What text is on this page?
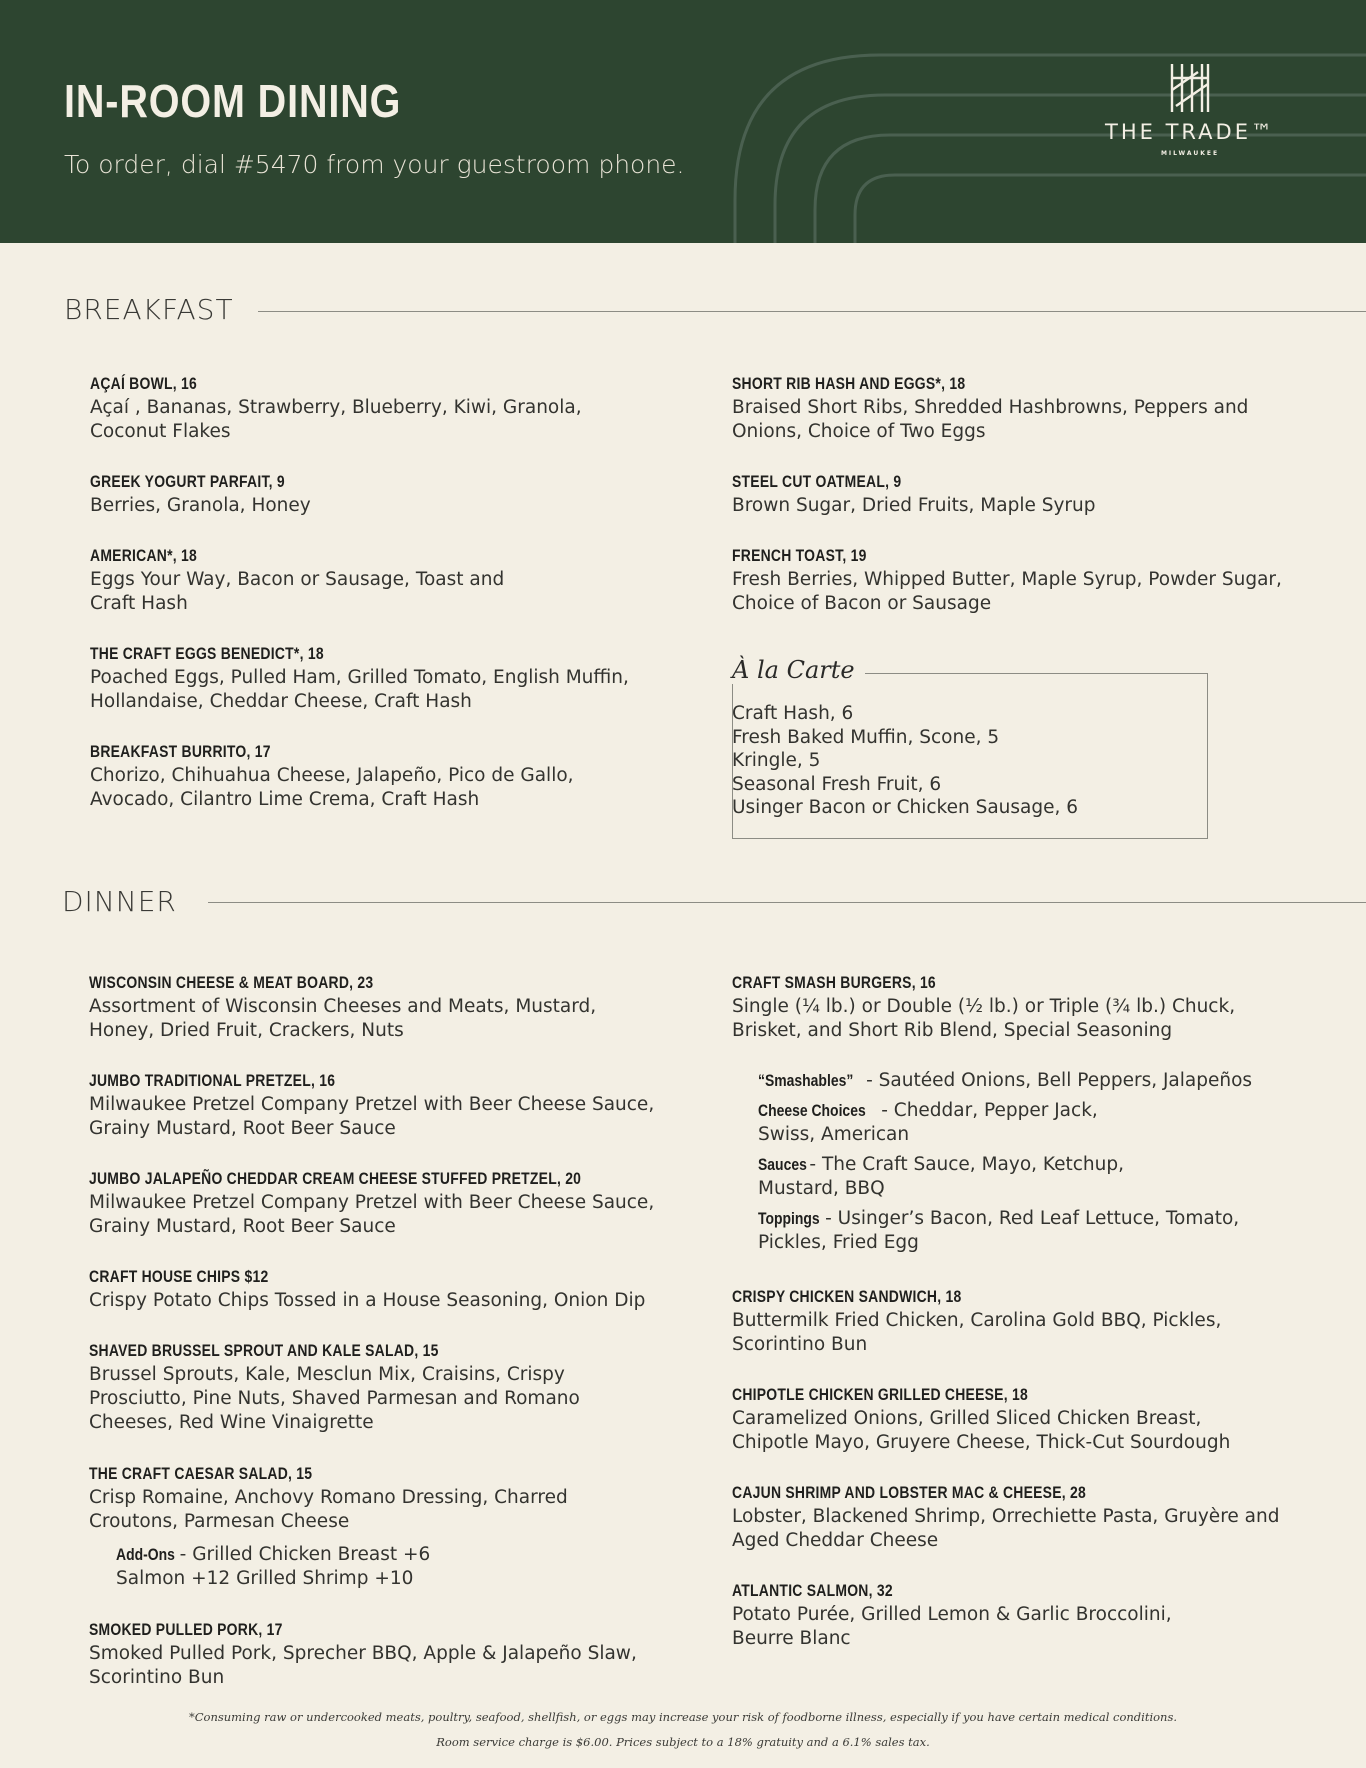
IN-ROOM DINING
To order, dial #5470 from your guestroom phone.
THE TRADE™
MILWAUKEE
BREAKFAST
AÇAÍ BOWL, 16
Açaí , Bananas, Strawberry, Blueberry, Kiwi, Granola, Coconut Flakes
GREEK YOGURT PARFAIT, 9
Berries, Granola, Honey
AMERICAN*, 18
Eggs Your Way, Bacon or Sausage, Toast and Craft Hash
THE CRAFT EGGS BENEDICT*, 18
Poached Eggs, Pulled Ham, Grilled Tomato, English Muffin, Hollandaise, Cheddar Cheese, Craft Hash
BREAKFAST BURRITO, 17
Chorizo, Chihuahua Cheese, Jalapeño, Pico de Gallo, Avocado, Cilantro Lime Crema, Craft Hash
SHORT RIB HASH AND EGGS*, 18
Braised Short Ribs, Shredded Hashbrowns, Peppers and Onions, Choice of Two Eggs
STEEL CUT OATMEAL, 9
Brown Sugar, Dried Fruits, Maple Syrup
FRENCH TOAST, 19
Fresh Berries, Whipped Butter, Maple Syrup, Powder Sugar, Choice of Bacon or Sausage
À la Carte
Craft Hash, 6
Fresh Baked Muffin, Scone, 5
Kringle, 5
Seasonal Fresh Fruit, 6
Usinger Bacon or Chicken Sausage, 6
DINNER
WISCONSIN CHEESE & MEAT BOARD, 23
Assortment of Wisconsin Cheeses and Meats, Mustard, Honey, Dried Fruit, Crackers, Nuts
JUMBO TRADITIONAL PRETZEL, 16
Milwaukee Pretzel Company Pretzel with Beer Cheese Sauce, Grainy Mustard, Root Beer Sauce
JUMBO JALAPEÑO CHEDDAR CREAM CHEESE STUFFED PRETZEL, 20
Milwaukee Pretzel Company Pretzel with Beer Cheese Sauce, Grainy Mustard, Root Beer Sauce
CRAFT HOUSE CHIPS $12
Crispy Potato Chips Tossed in a House Seasoning, Onion Dip
SHAVED BRUSSEL SPROUT AND KALE SALAD, 15
Brussel Sprouts, Kale, Mesclun Mix, Craisins, Crispy Prosciutto, Pine Nuts, Shaved Parmesan and Romano Cheeses, Red Wine Vinaigrette
THE CRAFT CAESAR SALAD, 15
Crisp Romaine, Anchovy Romano Dressing, Charred Croutons, Parmesan Cheese
Add-Ons - Grilled Chicken Breast +6 Salmon +12 Grilled Shrimp +10
SMOKED PULLED PORK, 17
Smoked Pulled Pork, Sprecher BBQ, Apple & Jalapeño Slaw, Scorintino Bun
CRAFT SMASH BURGERS, 16
Single (¼ lb.) or Double (½ lb.) or Triple (¾ lb.) Chuck, Brisket, and Short Rib Blend, Special Seasoning
“Smashables” - Sautéed Onions, Bell Peppers, Jalapeños
Cheese Choices - Cheddar, Pepper Jack, Swiss, American
Sauces - The Craft Sauce, Mayo, Ketchup, Mustard, BBQ
Toppings - Usinger’s Bacon, Red Leaf Lettuce, Tomato, Pickles, Fried Egg
CRISPY CHICKEN SANDWICH, 18
Buttermilk Fried Chicken, Carolina Gold BBQ, Pickles, Scorintino Bun
CHIPOTLE CHICKEN GRILLED CHEESE, 18
Caramelized Onions, Grilled Sliced Chicken Breast, Chipotle Mayo, Gruyere Cheese, Thick-Cut Sourdough
CAJUN SHRIMP AND LOBSTER MAC & CHEESE, 28
Lobster, Blackened Shrimp, Orrechiette Pasta, Gruyère and Aged Cheddar Cheese
ATLANTIC SALMON, 32
Potato Purée, Grilled Lemon & Garlic Broccolini, Beurre Blanc
*Consuming raw or undercooked meats, poultry, seafood, shellfish, or eggs may increase your risk of foodborne illness, especially if you have certain medical conditions.
Room service charge is $6.00. Prices subject to a 18% gratuity and a 6.1% sales tax.
